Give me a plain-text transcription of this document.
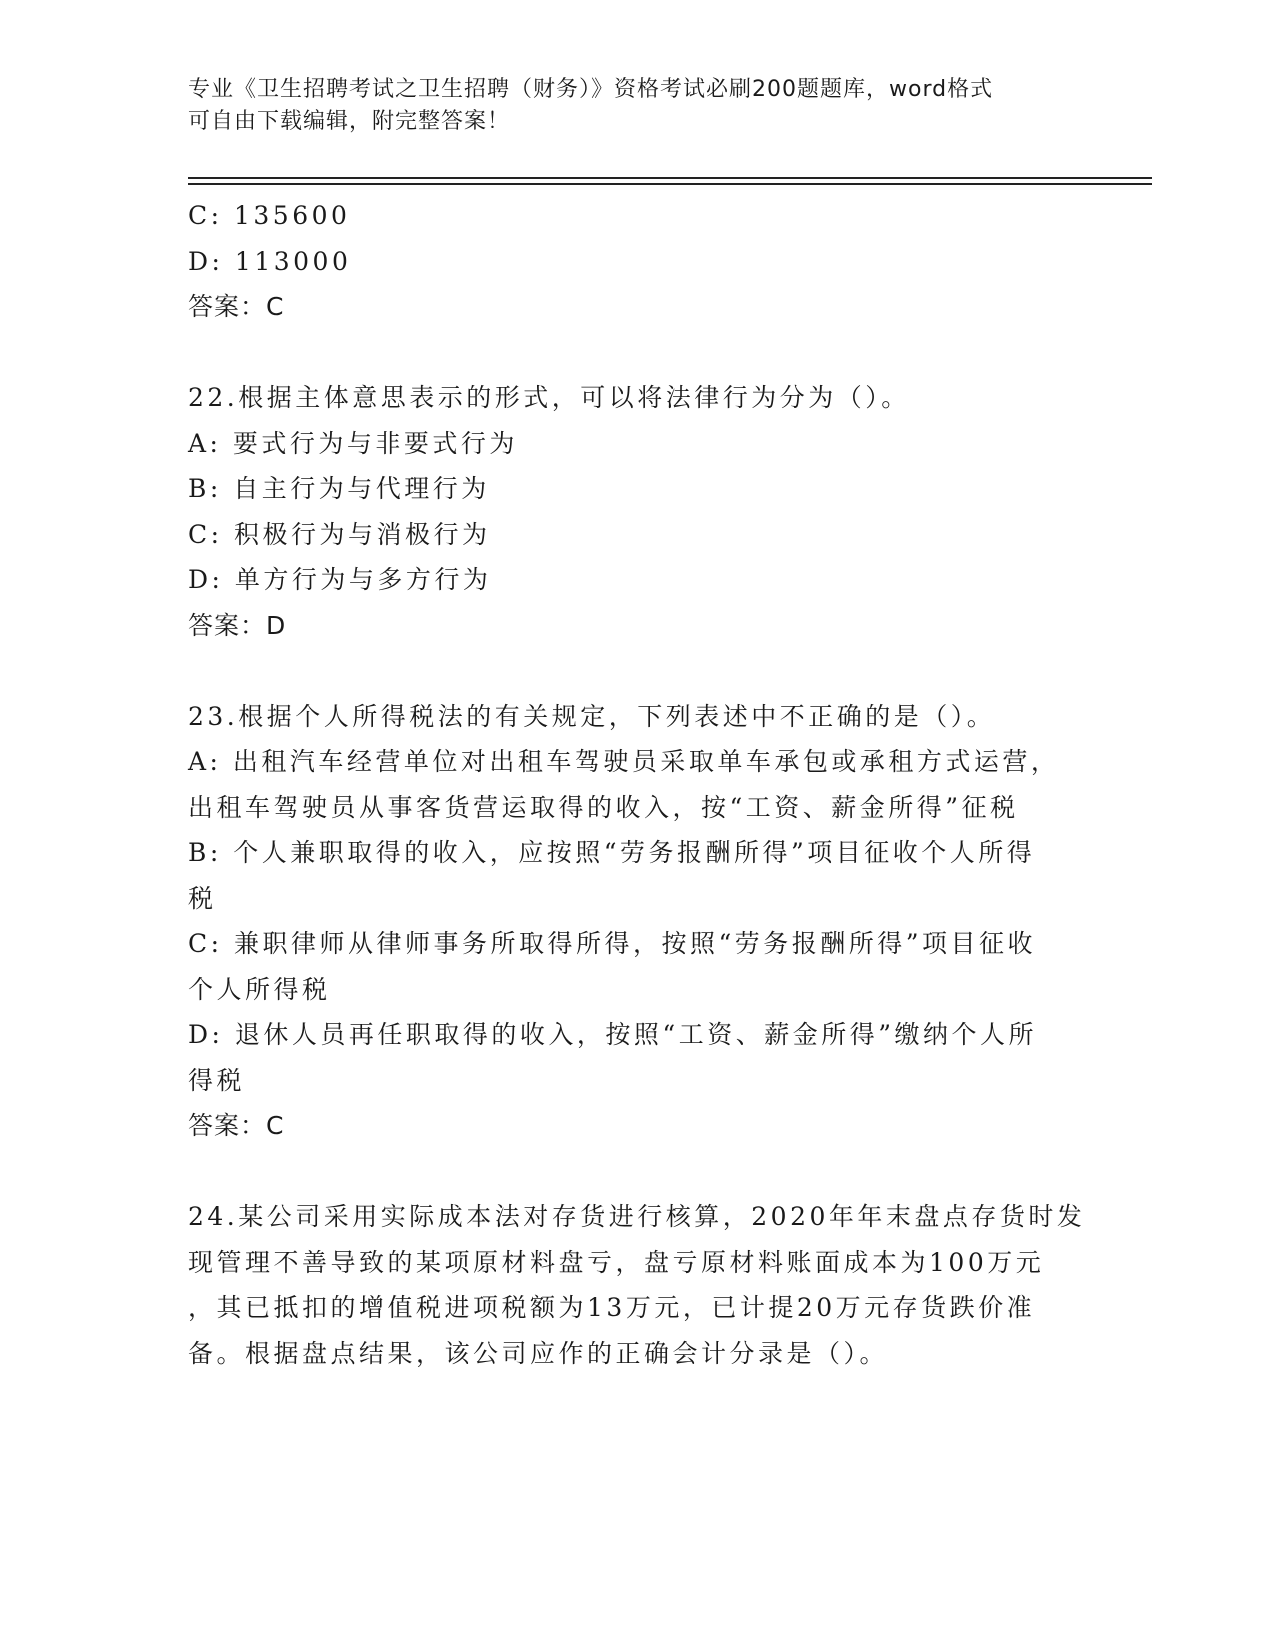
专业《卫生招聘考试之卫生招聘（财务）》资格考试必刷200题题库，word格式
可自由下载编辑，附完整答案！
C: 135600
D: 113000
答案：C
22.根据主体意思表示的形式，可以将法律行为分为（）。
A: 要式行为与非要式行为
B: 自主行为与代理行为
C: 积极行为与消极行为
D: 单方行为与多方行为
答案：D
23.根据个人所得税法的有关规定，下列表述中不正确的是（）。
A: 出租汽车经营单位对出租车驾驶员采取单车承包或承租方式运营，
出租车驾驶员从事客货营运取得的收入，按“工资、薪金所得”征税
B: 个人兼职取得的收入，应按照“劳务报酬所得”项目征收个人所得
税
C: 兼职律师从律师事务所取得所得，按照“劳务报酬所得”项目征收
个人所得税
D: 退休人员再任职取得的收入，按照“工资、薪金所得”缴纳个人所
得税
答案：C
24.某公司采用实际成本法对存货进行核算，2020年年末盘点存货时发
现管理不善导致的某项原材料盘亏，盘亏原材料账面成本为100万元
，其已抵扣的增值税进项税额为13万元，已计提20万元存货跌价准
备。根据盘点结果，该公司应作的正确会计分录是（）。
